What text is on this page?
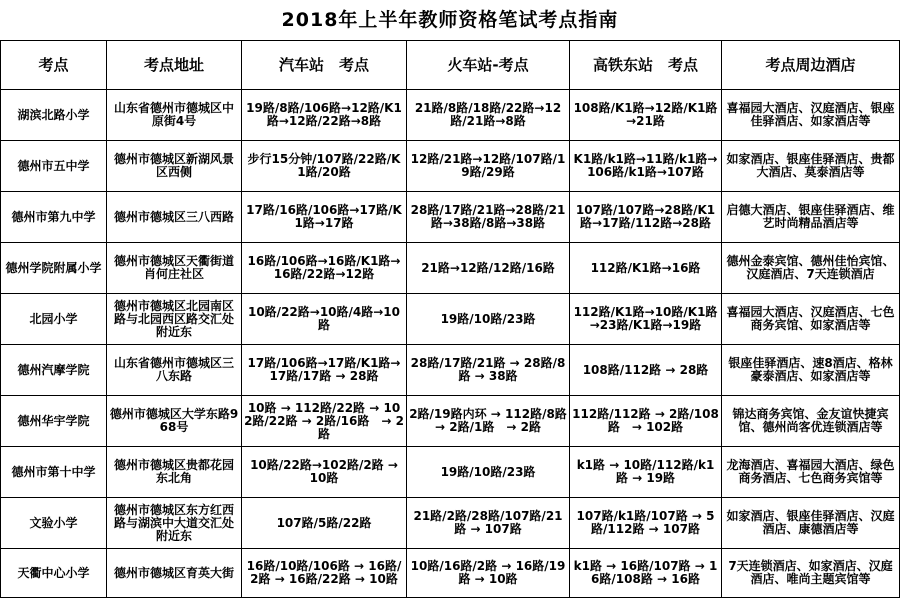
2018年上半年教师资格笔试考点指南
考点	考点地址	汽车站　考点	火车站-考点	高铁东站　考点	考点周边酒店
湖滨北路小学	山东省德州市德城区中原街4号	19路/8路/106路→12路/K1路→12路/22路→8路	21路/8路/18路/22路→12路/21路→8路	108路/K1路→12路/K1路→21路	喜福园大酒店、汉庭酒店、银座佳驿酒店、如家酒店等
德州市五中学	德州市德城区新湖风景区西侧	步行15分钟/107路/22路/K1路/20路	12路/21路→12路/107路/19路/29路	K1路/k1路→11路/k1路→106路/k1路→107路	如家酒店、银座佳驿酒店、贵都大酒店、莫泰酒店等
德州市第九中学	德州市德城区三八西路	17路/16路/106路→17路/K1路→17路	28路/17路/21路→28路/21路→38路/8路→38路	107路/107路→28路/K1路→17路/112路→28路	启德大酒店、银座佳驿酒店、维艺时尚精品酒店等
德州学院附属小学	德州市德城区天衢街道肖何庄社区	16路/106路→16路/K1路→16路/22路→12路	21路→12路/12路/16路	112路/K1路→16路	德州金泰宾馆、德州佳怡宾馆、汉庭酒店、7天连锁酒店
北园小学	德州市德城区北园南区路与北园西区路交汇处附近东	10路/22路→10路/4路→10路	19路/10路/23路	112路/K1路→10路/K1路→23路/K1路→19路	喜福园大酒店、汉庭酒店、七色商务宾馆、如家酒店等
德州汽摩学院	山东省德州市德城区三八东路	17路/106路→17路/K1路→17路/17路 → 28路	28路/17路/21路 → 28路/8路 → 38路	108路/112路 → 28路	银座佳驿酒店、速8酒店、格林豪泰酒店、如家酒店等
德州华宇学院	德州市德城区大学东路968号	10路 → 112路/22路 → 102路/22路 → 2路/16路　→ 2路	2路/19路内环 → 112路/8路 → 2路/1路　→ 2路	112路/112路 → 2路/108路　→ 102路	锦达商务宾馆、金友谊快捷宾馆、德州尚客优连锁酒店等
德州市第十中学	德州市德城区贵都花园东北角	10路/22路→102路/2路 → 10路	19路/10路/23路	k1路 → 10路/112路/k1路 → 19路	龙海酒店、喜福园大酒店、绿色商务酒店、七色商务宾馆等
文验小学	德州市德城区东方红西路与湖滨中大道交汇处附近东	107路/5路/22路	21路/2路/28路/107路/21路 → 107路	107路/k1路/107路 → 5路/112路 → 107路	如家酒店、银座佳驿酒店、汉庭酒店、康德酒店等
天衢中心小学	德州市德城区育英大街	16路/10路/106路 → 16路/2路 → 16路/22路 → 10路	10路/16路/2路 → 16路/19路 → 10路	k1路 → 16路/107路 → 16路/108路 → 16路	7天连锁酒店、如家酒店、汉庭酒店、唯尚主题宾馆等
